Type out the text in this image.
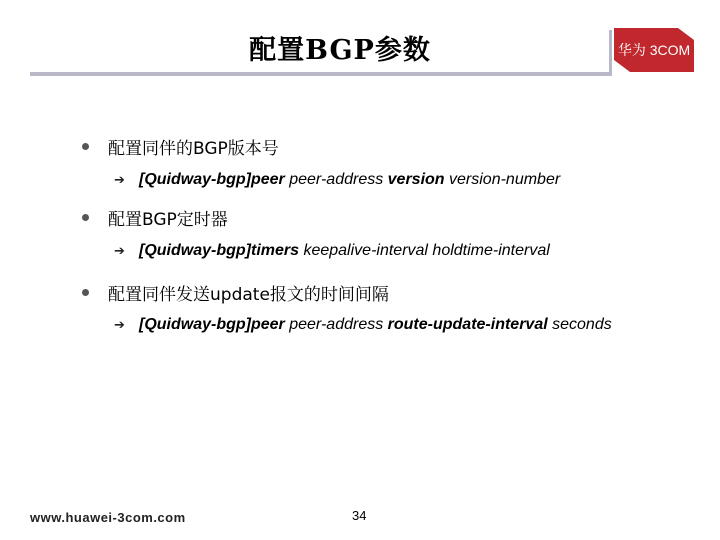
配置BGP参数	华为 3COM
配置同伴的BGP版本号
➔ [Quidway-bgp]peer peer-address version version-number
配置BGP定时器
➔ [Quidway-bgp]timers keepalive-interval holdtime-interval
配置同伴发送update报文的时间间隔
➔ [Quidway-bgp]peer peer-address route-update-interval seconds
www.huawei-3com.com	34
